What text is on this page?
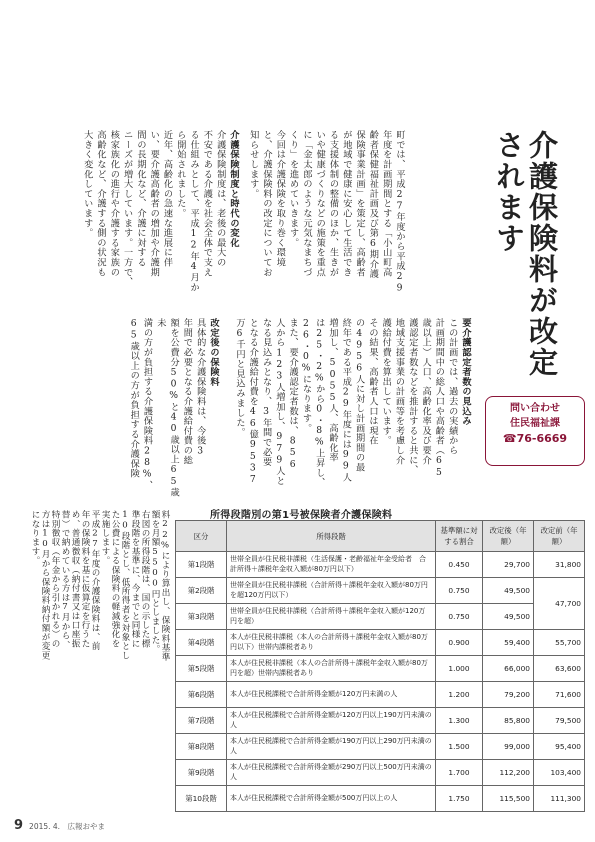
介護保険料が改定されます
問い合わせ
住民福祉課
☎76-6669
町では、平成27年度から平成29
年度を計画期間とする「小山町高
齢者保健福祉計画及び第6期介護
保険事業計画」を策定し、高齢者
が地域で健康に安心して生活でき
る支援体制の整備のほか、生きが
いや健康づくりなどの施策を重点
に「金太郎のような元気なまちづ
くり」を進めていきます。
今回は介護保険を取り巻く環境
と、介護保険料の改定についてお
知らせします。
介護保険制度と時代の変化
介護保険制度は、老後の最大の
不安である介護を社会全体で支え
る仕組みとして、平成12年4月か
ら開始されました。
近年、高齢化の急速な進展に伴
い、要介護高齢者の増加や介護期
間の長期化など、介護に対する
ニーズが増大しています。一方で、
核家族化の進行や介護する家族の
高齢化など、介護する側の状況も
大きく変化しています。
要介護認定者数の見込み
この計画では、過去の実績から
計画期間中の総人口や高齢者（65
歳以上）人口、高齢化率及び要介
護認定者数などを推計すると共に、
地域支援事業の計画等を考慮し介
護給付費を算出しています。
その結果、高齢者人口は現在
の4956人に対し計画期間の最
終年である平成29年度には99人
増加し、5055人、高齢化率
は25・2%から0・8%上昇し、
26・0%になります。
また、要介護認定者数は、856
人から123人増加し、979人と
なる見込みとなり、3年間で必要
となる介護給付費を46億9537
万6千円と見込みました。
改定後の保険料
具体的な介護保険料は、今後3
年間で必要となる介護給付費の総
額を公費分50%と40歳以上65歳未
満の方が負担する介護保険料28%、
65歳以上の方が負担する介護保険
料22%により算出し、保険料基準
額を月額5500円としました。
右図の所得段階は、国の示した標
準段階を基準に、今までと同様に
10段階とし、低所得者を対象とし
た公費による保険料の軽減強化を
実施します。
平成27年度の介護保険料は、前
年の保険料を基に仮算定を行うた
め、普通徴収（納付書又は口座振
替）で納めている方は7月から、
特別徴収（年金から引かれる）の
方は10月から保険料納付額が変更
になります。	所得段階別の第1号被保険者介護保険料
区分	所得段階	基準額に対する割合	改定後（年額）	改定前（年額）
第1段階	世帯全員が住民税非課税（生活保護・老齢福祉年金受給者　合計所得＋課税年金収入額が80万円以下）	0.450	29,700	31,800
第2段階	世帯全員が住民税非課税（合計所得＋課税年金収入額が80万円を超120万円以下）	0.750	49,500	47,700
第3段階	世帯全員が住民税非課税（合計所得＋課税年金収入額が120万円を超）	0.750	49,500	
第4段階	本人が住民税非課税（本人の合計所得＋課税年金収入額が80万円以下）世帯内課税者あり	0.900	59,400	55,700
第5段階	本人が住民税非課税（本人の合計所得＋課税年金収入額が80万円を超）世帯内課税者あり	1.000	66,000	63,600
第6段階	本人が住民税課税で合計所得金額が120万円未満の人	1.200	79,200	71,600
第7段階	本人が住民税課税で合計所得金額が120万円以上190万円未満の人	1.300	85,800	79,500
第8段階	本人が住民税課税で合計所得金額が190万円以上290万円未満の人	1.500	99,000	95,400
第9段階	本人が住民税課税で合計所得金額が290万円以上500万円未満の人	1.700	112,200	103,400
第10段階	本人が住民税課税で合計所得金額が500万円以上の人	1.750	115,500	111,300
9 2015. 4.　広報おやま
